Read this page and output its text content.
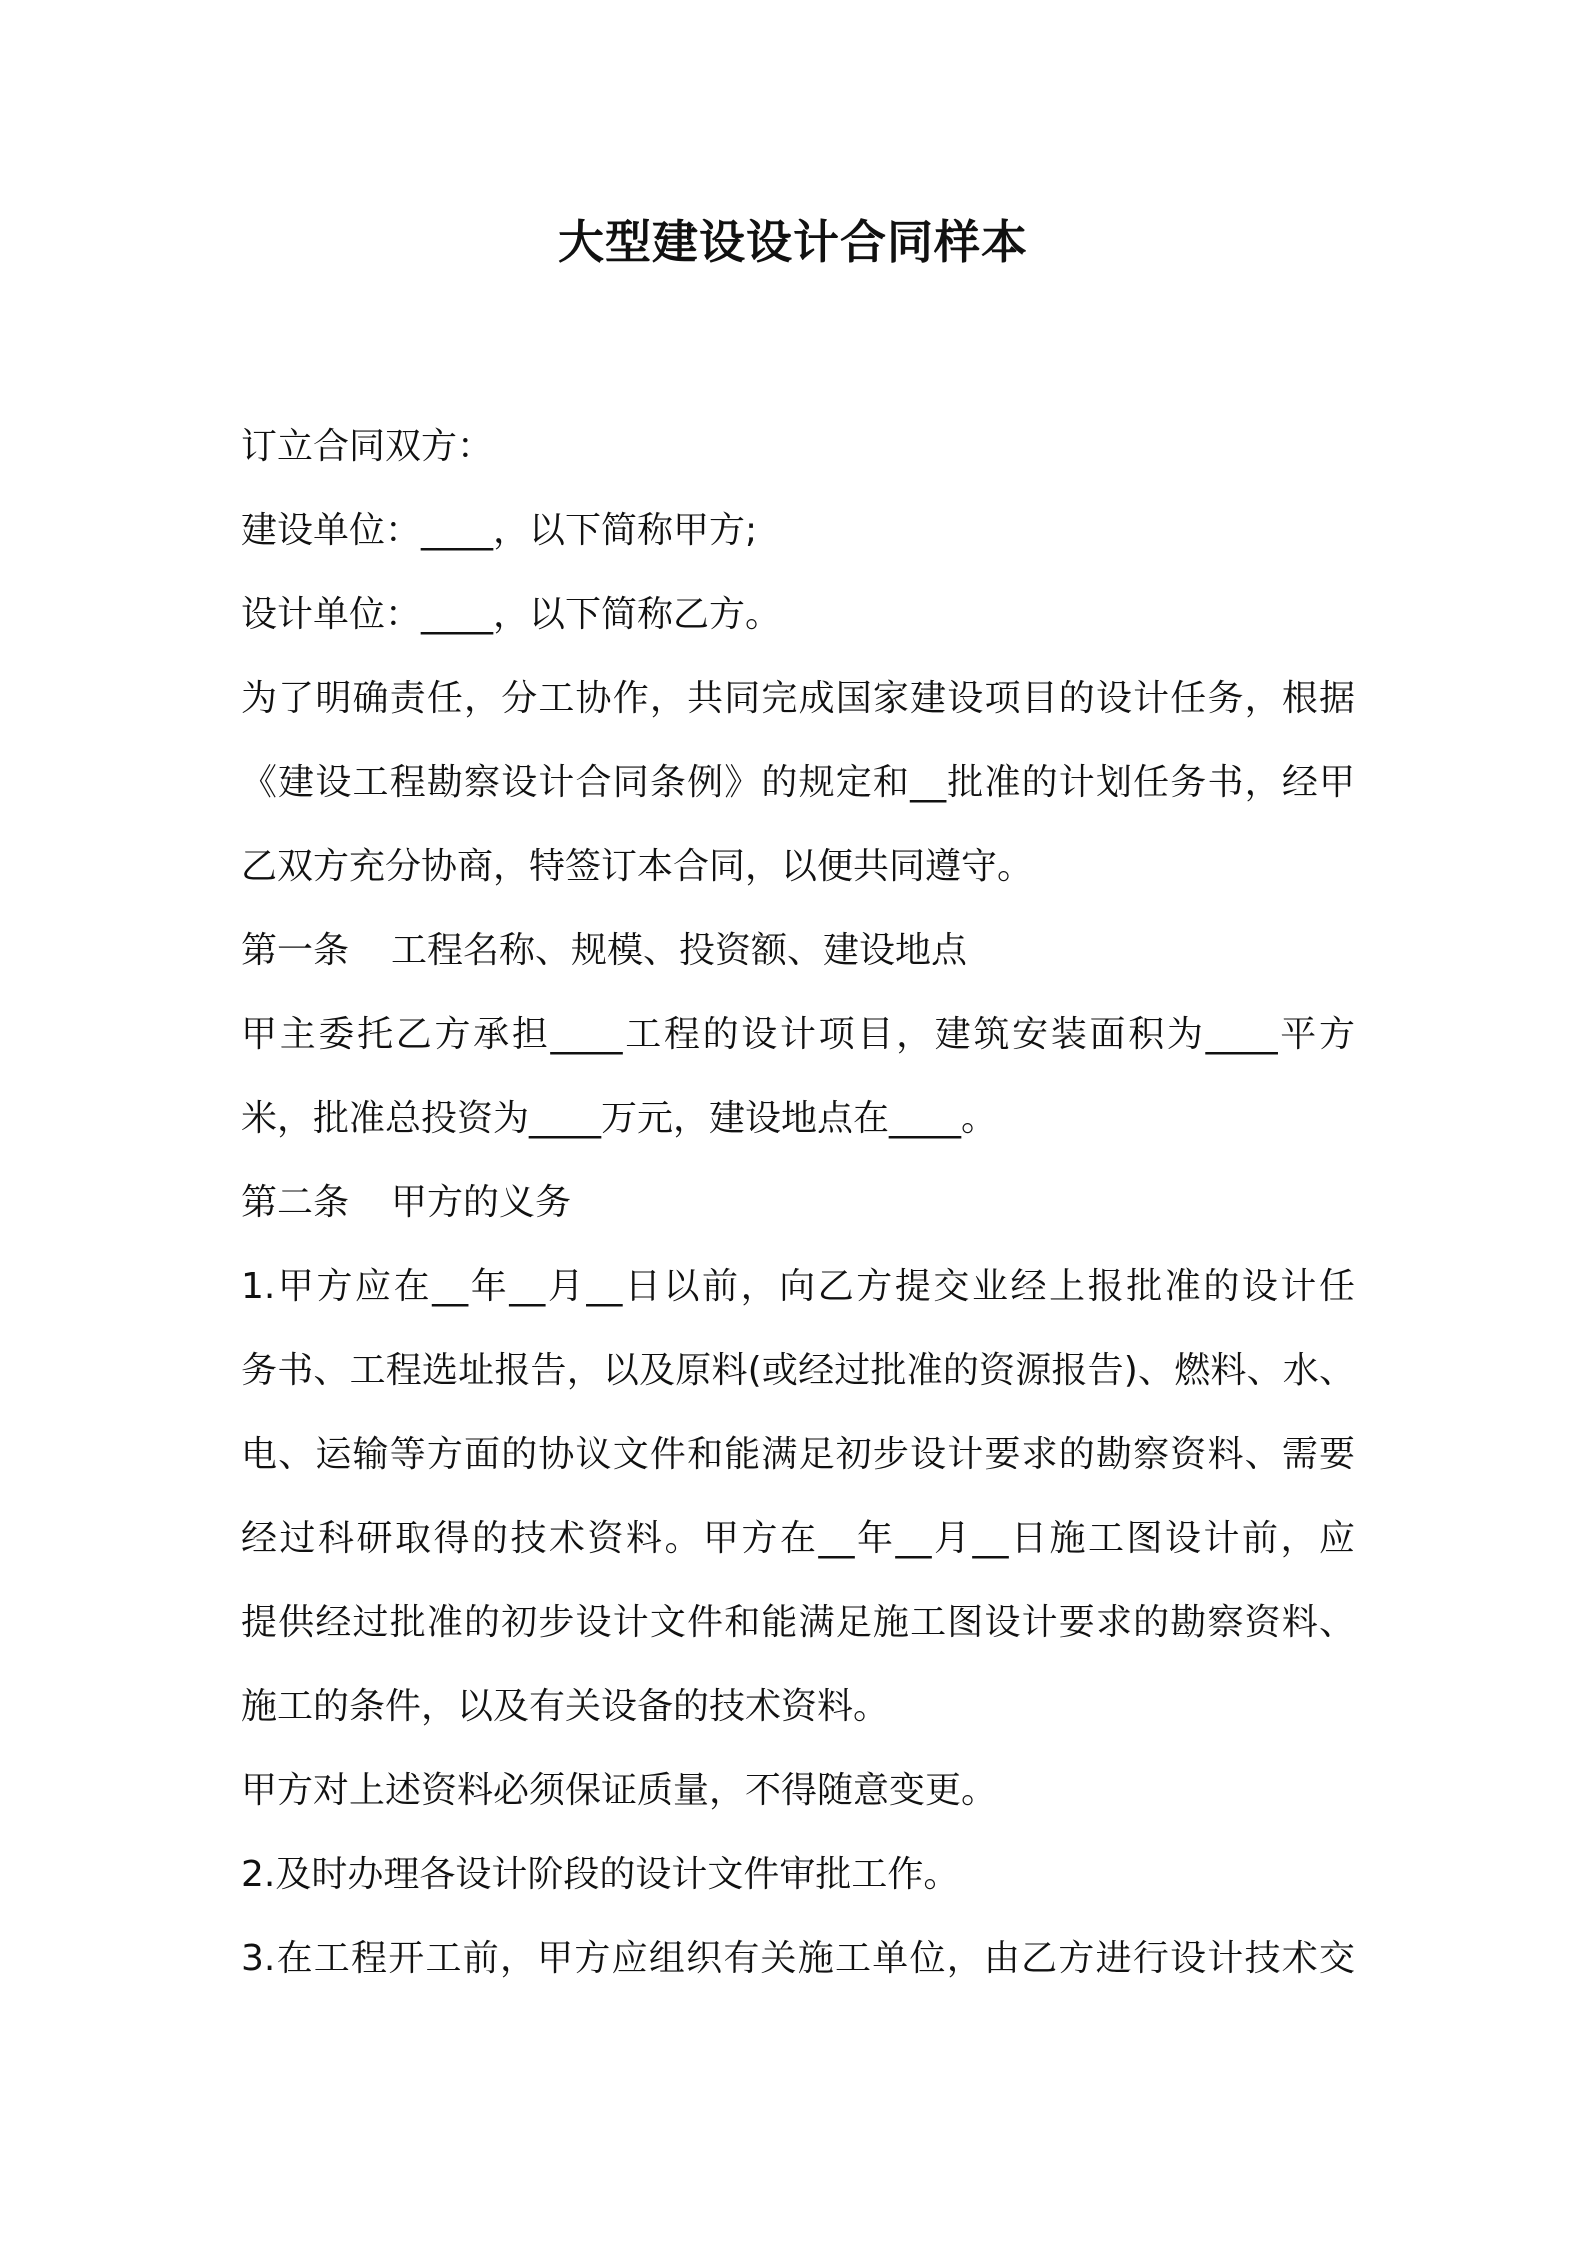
大型建设设计合同样本
订立合同双方：
建设单位：____，以下简称甲方;
设计单位：____，以下简称乙方。
为了明确责任，分工协作，共同完成国家建设项目的设计任务，根据
《建设工程勘察设计合同条例》的规定和__批准的计划任务书，经甲
乙双方充分协商，特签订本合同，以便共同遵守。
第一条 工程名称、规模、投资额、建设地点
甲主委托乙方承担____工程的设计项目，建筑安装面积为____平方
米，批准总投资为____万元，建设地点在____。
第二条 甲方的义务
1.甲方应在__年__月__日以前，向乙方提交业经上报批准的设计任
务书、工程选址报告，以及原料(或经过批准的资源报告)、燃料、水、
电、运输等方面的协议文件和能满足初步设计要求的勘察资料、需要
经过科研取得的技术资料。甲方在__年__月__日施工图设计前，应
提供经过批准的初步设计文件和能满足施工图设计要求的勘察资料、
施工的条件，以及有关设备的技术资料。
甲方对上述资料必须保证质量，不得随意变更。
2.及时办理各设计阶段的设计文件审批工作。
3.在工程开工前，甲方应组织有关施工单位，由乙方进行设计技术交
